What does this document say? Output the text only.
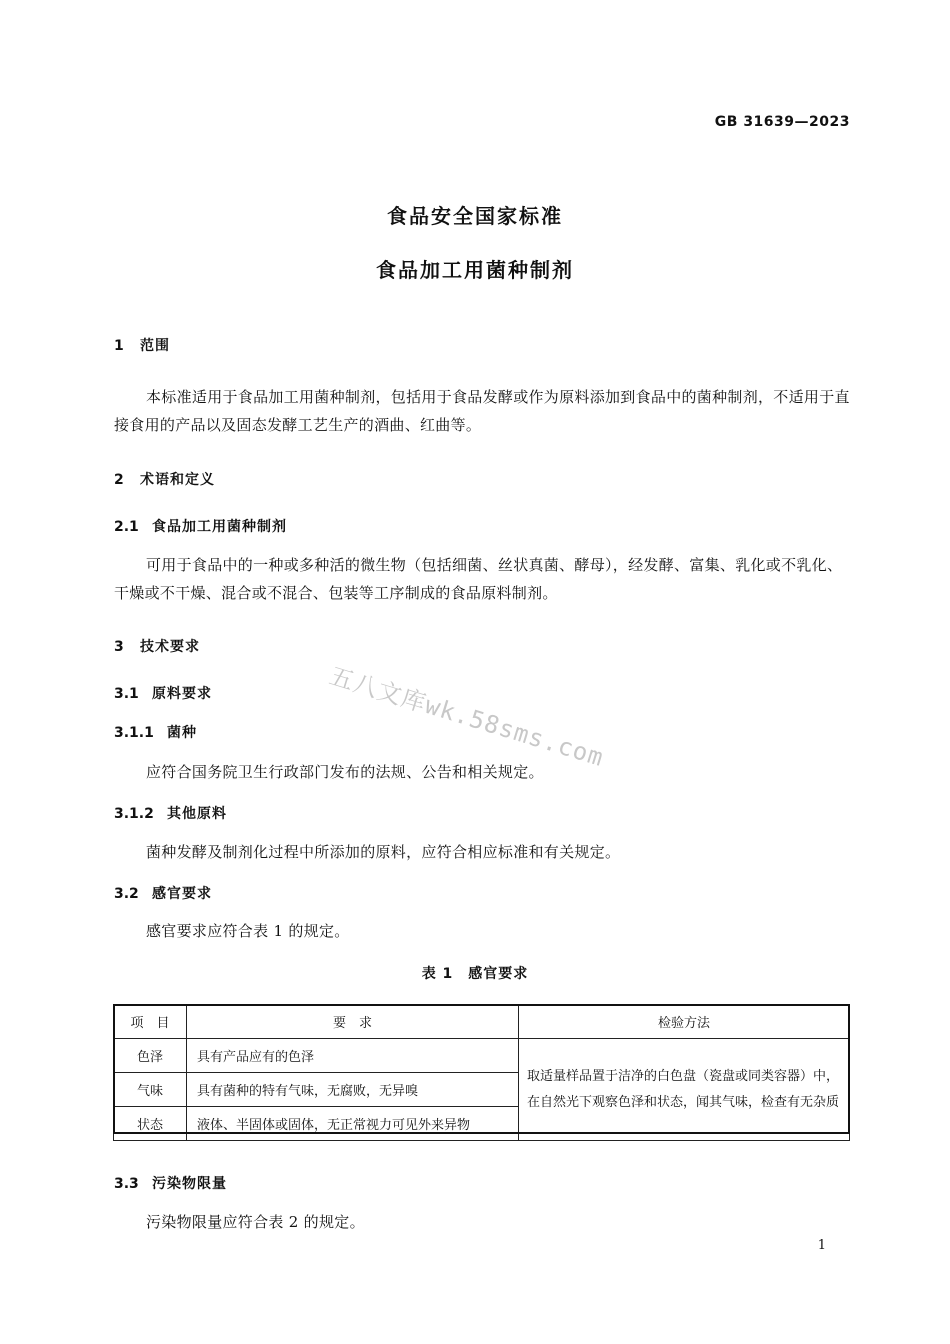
GB 31639—2023
食品安全国家标准
食品加工用菌种制剂
1 范围
本标准适用于食品加工用菌种制剂，包括用于食品发酵或作为原料添加到食品中的菌种制剂，不适用于直接食用的产品以及固态发酵工艺生产的酒曲、红曲等。
2 术语和定义
2.1 食品加工用菌种制剂
可用于食品中的一种或多种活的微生物（包括细菌、丝状真菌、酵母），经发酵、富集、乳化或不乳化、干燥或不干燥、混合或不混合、包装等工序制成的食品原料制剂。
3 技术要求
3.1 原料要求
3.1.1 菌种
应符合国务院卫生行政部门发布的法规、公告和相关规定。
3.1.2 其他原料
菌种发酵及制剂化过程中所添加的原料，应符合相应标准和有关规定。
3.2 感官要求
感官要求应符合表 1 的规定。
表 1　感官要求
项　目	要　求	检验方法
色泽	具有产品应有的色泽	取适量样品置于洁净的白色盘（瓷盘或同类容器）中，在自然光下观察色泽和状态，闻其气味，检查有无杂质
气味	具有菌种的特有气味，无腐败，无异嗅	
状态	液体、半固体或固体，无正常视力可见外来异物	
3.3 污染物限量
污染物限量应符合表 2 的规定。
五八文库wk.58sms.com
1
